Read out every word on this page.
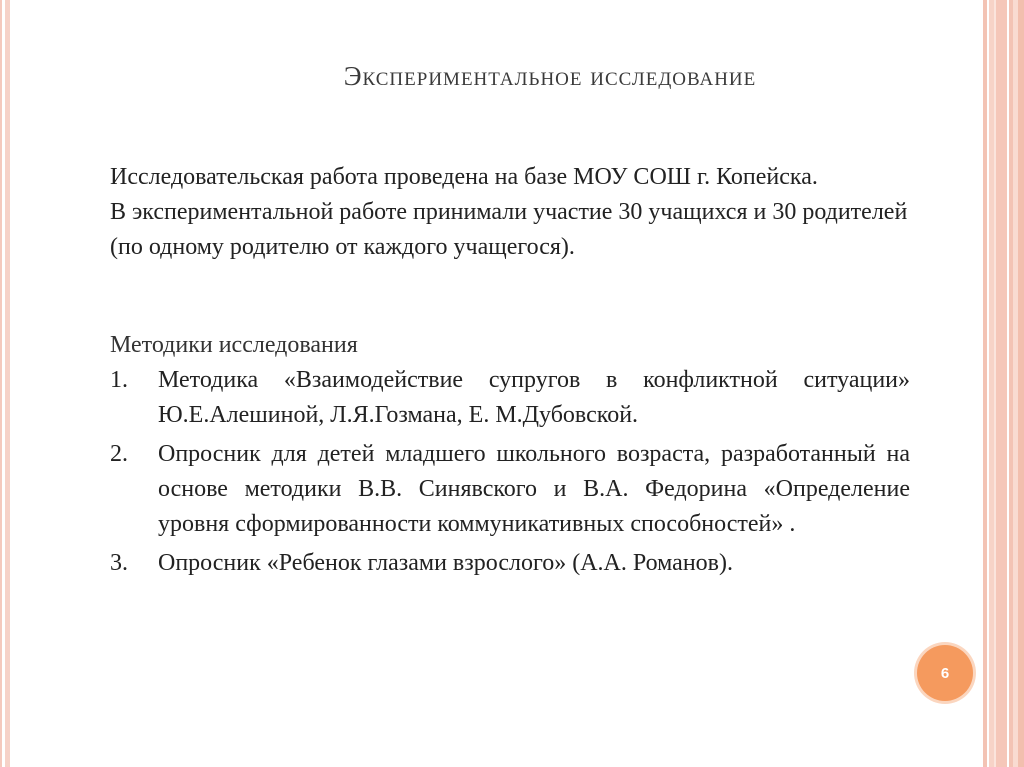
Экспериментальное исследование

Исследовательская работа проведена на базе МОУ СОШ г. Копейска.

В экспериментальной работе принимали участие 30 учащихся и 30 родителей (по одному родителю от каждого учащегося).

Методики исследования

1.	Методика «Взаимодействие супругов в конфликтной ситуации» Ю.Е.Алешиной, Л.Я.Гозмана, Е. М.Дубовской.
2.	Опросник для детей младшего школьного возраста, разработанный на основе методики В.В. Синявского и В.А. Федорина «Определение уровня сформированности коммуникативных способностей» .
3.	Опросник «Ребенок глазами взрослого» (А.А. Романов).
6
